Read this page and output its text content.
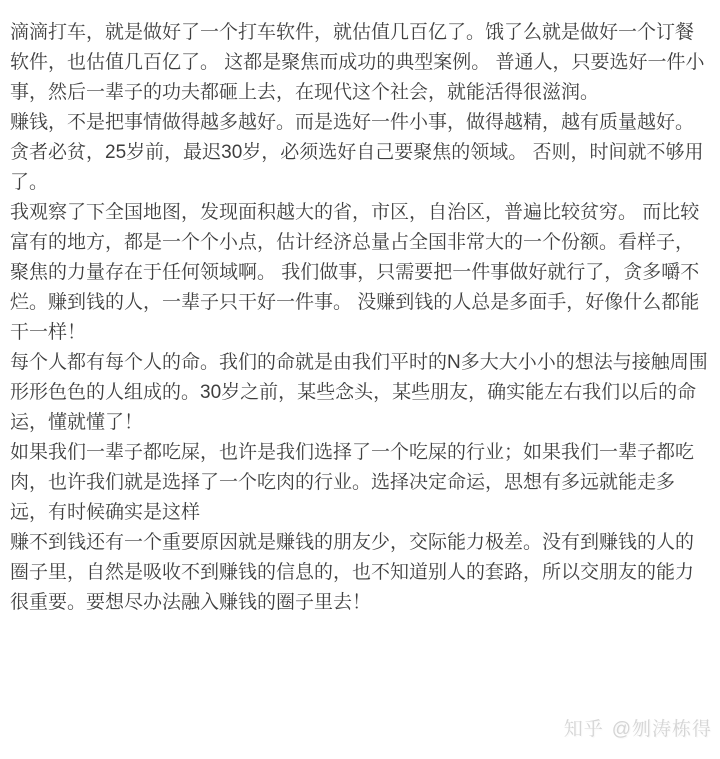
滴滴打车，就是做好了一个打车软件，就估值几百亿了。饿了么就是做好一个订餐软件，也估值几百亿了。 这都是聚焦而成功的典型案例。 普通人，只要选好一件小事，然后一辈子的功夫都砸上去，在现代这个社会，就能活得很滋润。

赚钱，不是把事情做得越多越好。而是选好一件小事，做得越精，越有质量越好。 贪者必贫，25岁前，最迟30岁，必须选好自己要聚焦的领域。 否则，时间就不够用了。

我观察了下全国地图，发现面积越大的省，市区，自治区，普遍比较贫穷。 而比较富有的地方，都是一个个小点，估计经济总量占全国非常大的一个份额。看样子，聚焦的力量存在于任何领域啊。 我们做事，只需要把一件事做好就行了，贪多嚼不烂。赚到钱的人，一辈子只干好一件事。 没赚到钱的人总是多面手，好像什么都能干一样！

每个人都有每个人的命。我们的命就是由我们平时的N多大大小小的想法与接触周围形形色色的人组成的。30岁之前，某些念头，某些朋友，确实能左右我们以后的命运，懂就懂了！

如果我们一辈子都吃屎，也许是我们选择了一个吃屎的行业；如果我们一辈子都吃肉，也许我们就是选择了一个吃肉的行业。选择决定命运，思想有多远就能走多远，有时候确实是这样

赚不到钱还有一个重要原因就是赚钱的朋友少，交际能力极差。没有到赚钱的人的圈子里，自然是吸收不到赚钱的信息的，也不知道别人的套路，所以交朋友的能力很重要。要想尽办法融入赚钱的圈子里去！

知乎 @刎涛栋得
